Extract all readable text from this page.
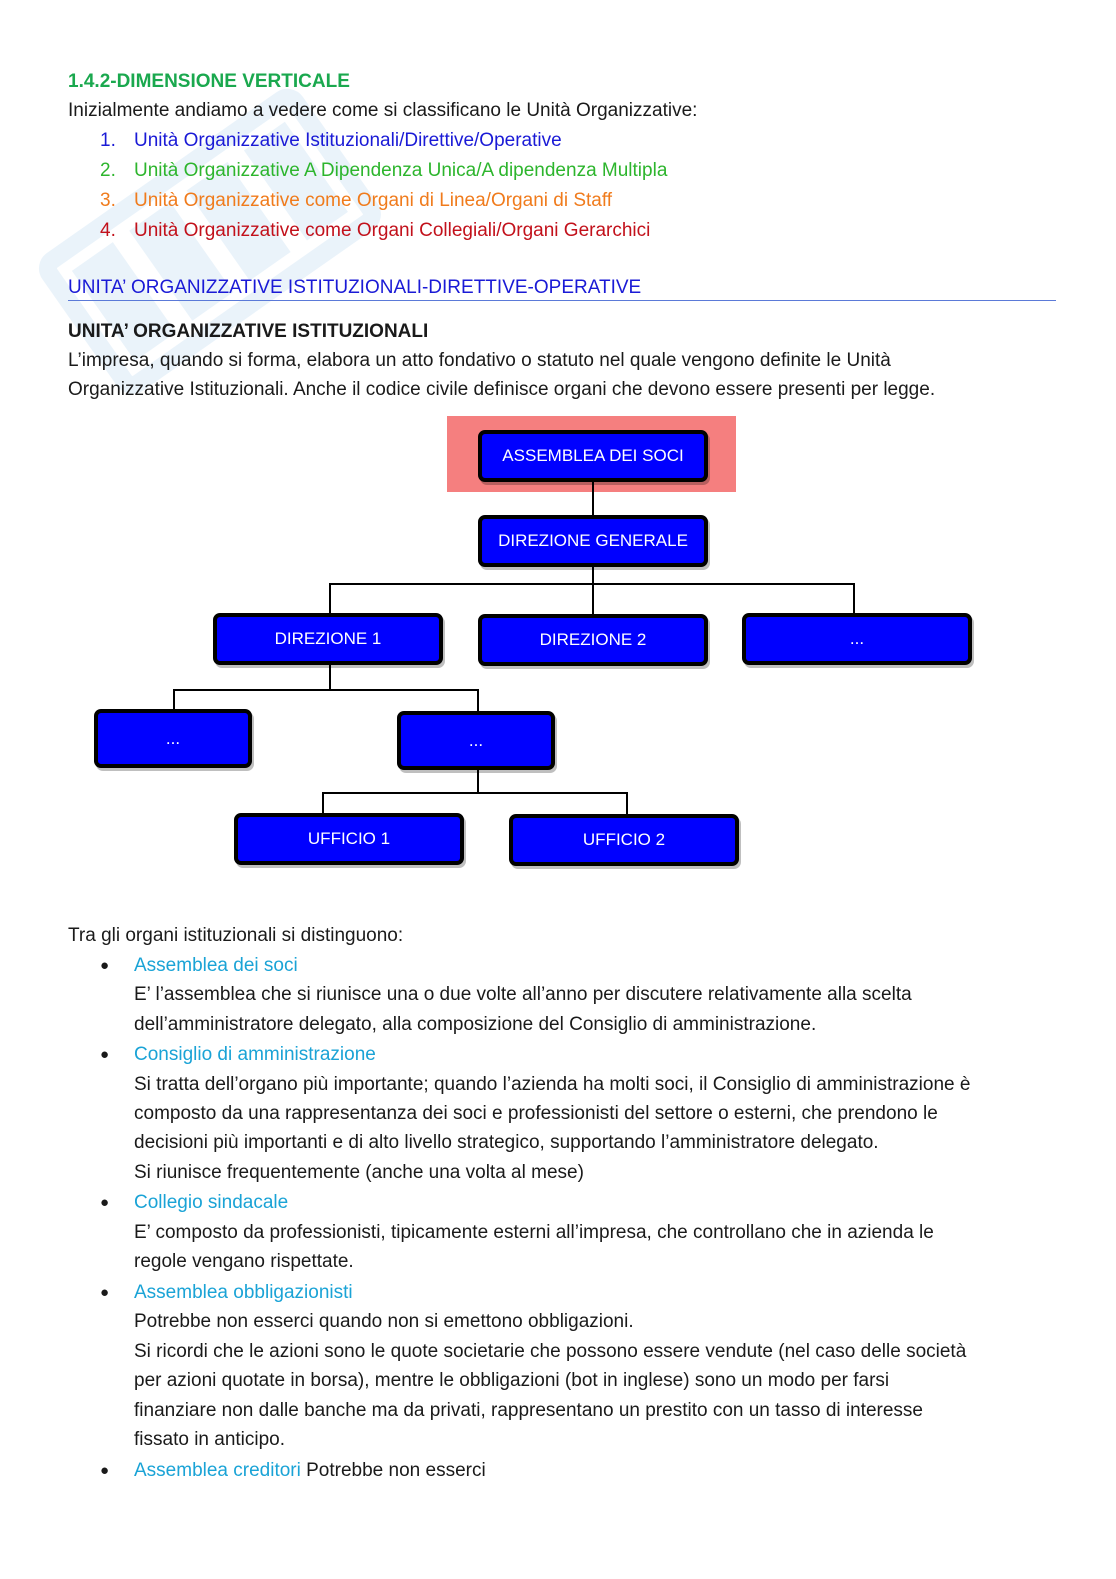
1.4.2-DIMENSIONE VERTICALE
Inizialmente andiamo a vedere come si classificano le Unità Organizzative:
1. Unità Organizzative Istituzionali/Direttive/Operative
2. Unità Organizzative A Dipendenza Unica/A dipendenza Multipla
3. Unità Organizzative come Organi di Linea/Organi di Staff
4. Unità Organizzative come Organi Collegiali/Organi Gerarchici
UNITA’ ORGANIZZATIVE ISTITUZIONALI-DIRETTIVE-OPERATIVE
UNITA’ ORGANIZZATIVE ISTITUZIONALI
L’impresa, quando si forma, elabora un atto fondativo o statuto nel quale vengono definite le Unità
Organizzative Istituzionali. Anche il codice civile definisce organi che devono essere presenti per legge.
ASSEMBLEA DEI SOCI
DIREZIONE GENERALE
DIREZIONE 1	DIREZIONE 2	...
...	...
UFFICIO 1	UFFICIO 2
Tra gli organi istituzionali si distinguono:
● Assemblea dei soci
E’ l’assemblea che si riunisce una o due volte all’anno per discutere relativamente alla scelta
dell’amministratore delegato, alla composizione del Consiglio di amministrazione.
● Consiglio di amministrazione
Si tratta dell’organo più importante; quando l’azienda ha molti soci, il Consiglio di amministrazione è
composto da una rappresentanza dei soci e professionisti del settore o esterni, che prendono le
decisioni più importanti e di alto livello strategico, supportando l’amministratore delegato.
Si riunisce frequentemente (anche una volta al mese)
● Collegio sindacale
E’ composto da professionisti, tipicamente esterni all’impresa, che controllano che in azienda le
regole vengano rispettate.
● Assemblea obbligazionisti
Potrebbe non esserci quando non si emettono obbligazioni.
Si ricordi che le azioni sono le quote societarie che possono essere vendute (nel caso delle società
per azioni quotate in borsa), mentre le obbligazioni (bot in inglese) sono un modo per farsi
finanziare non dalle banche ma da privati, rappresentano un prestito con un tasso di interesse
fissato in anticipo.
● Assemblea creditori Potrebbe non esserci
